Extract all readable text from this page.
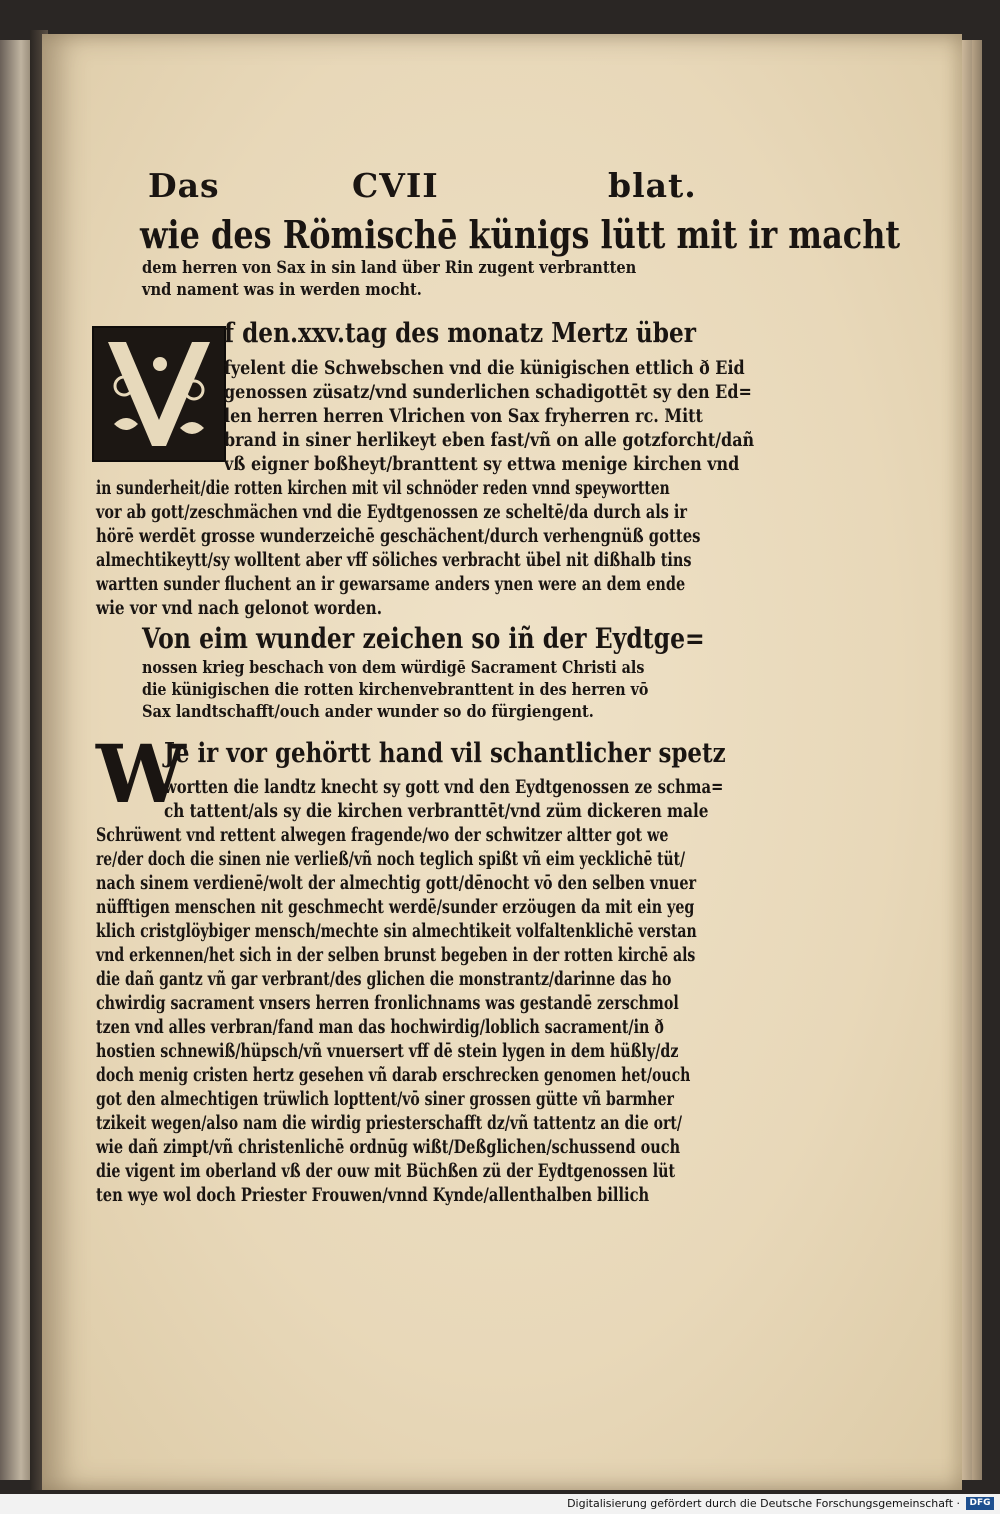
Das	CVII	blat.
wie des Römischē künigs lütt mit ir macht
dem herren von Sax in sin land über Rin zugent verbrantten
vnd nament was in werden mocht.
f den.xxv.tag des monatz Mertz über
fyelent die Schwebschen vnd die künigischen ettlich ð Eid
genossen züsatz/vnd sunderlichen schadigottēt sy den Ed=
len herren herren Vlrichen von Sax fryherren rc. Mitt
brand in siner herlikeyt eben fast/vñ on alle gotzforcht/dañ
vß eigner boßheyt/branttent sy ettwa menige kirchen vnd
in sunderheit/die rotten kirchen mit vil schnöder reden vnnd speywortten
vor ab gott/zeschmächen vnd die Eydtgenossen ze scheltē/da durch als ir
hörē werdēt grosse wunderzeichē geschächent/durch verhengnüß gottes
almechtikeytt/sy wolltent aber vff söliches verbracht übel nit dißhalb tins
wartten sunder fluchent an ir gewarsame anders ynen were an dem ende
wie vor vnd nach gelonot worden.
Von eim wunder zeichen so iñ der Eydtge=
nossen krieg beschach von dem würdigē Sacrament Christi als
die künigischen die rotten kirchenvebranttent in des herren vō
Sax landtschafft/ouch ander wunder so do fürgiengent.
W
Je ir vor gehörtt hand vil schantlicher spetz
wortten die landtz knecht sy gott vnd den Eydtgenossen ze schma=
ch tattent/als sy die kirchen verbranttēt/vnd züm dickeren male
Schrüwent vnd rettent alwegen fragende/wo der schwitzer altter got we
re/der doch die sinen nie verließ/vñ noch teglich spißt vñ eim yecklichē tüt/
nach sinem verdienē/wolt der almechtig gott/dēnocht vō den selben vnuer
nüfftigen menschen nit geschmecht werdē/sunder erzöugen da mit ein yeg
klich cristglöybiger mensch/mechte sin almechtikeit volfaltenklichē verstan
vnd erkennen/het sich in der selben brunst begeben in der rotten kirchē als
die dañ gantz vñ gar verbrant/des glichen die monstrantz/darinne das ho
chwirdig sacrament vnsers herren fronlichnams was gestandē zerschmol
tzen vnd alles verbran/fand man das hochwirdig/loblich sacrament/in ð
hostien schnewiß/hüpsch/vñ vnuersert vff dē stein lygen in dem hüßly/dz
doch menig cristen hertz gesehen vñ darab erschrecken genomen het/ouch
got den almechtigen trüwlich lopttent/vō siner grossen gütte vñ barmher
tzikeit wegen/also nam die wirdig priesterschafft dz/vñ tattentz an die ort/
wie dañ zimpt/vñ christenlichē ordnūg wißt/Deßglichen/schussend ouch
die vigent im oberland vß der ouw mit Büchßen zü der Eydtgenossen lüt
ten wye wol doch Priester Frouwen/vnnd Kynde/allenthalben billich
Digitalisierung gefördert durch die Deutsche Forschungsgemeinschaft ·	DFG
